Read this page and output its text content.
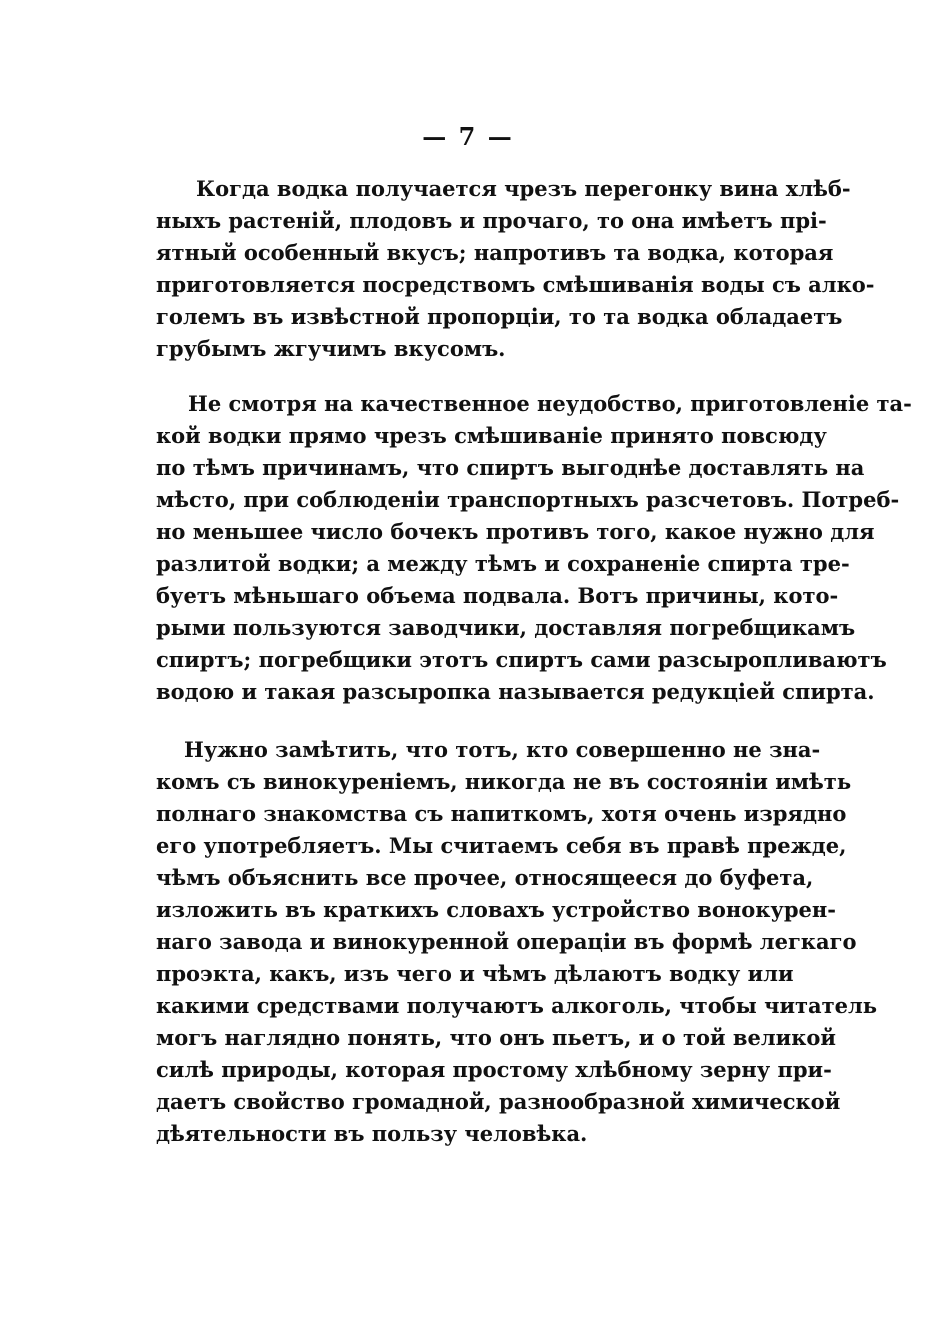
— 7 —
Когда водка получается чрезъ перегонку вина хлѣб-
ныхъ растеній, плодовъ и прочаго, то она имѣетъ прі-
ятный особенный вкусъ; напротивъ та водка, которая
приготовляется посредствомъ смѣшиванія воды съ алко-
големъ въ извѣстной пропорціи, то та водка обладаетъ
грубымъ жгучимъ вкусомъ.
Не смотря на качественное неудобство, приготовленіе та-
кой водки прямо чрезъ смѣшиваніе принято повсюду
по тѣмъ причинамъ, что спиртъ выгоднѣе доставлять на
мѣсто, при соблюденіи транспортныхъ разсчетовъ. Потреб-
но меньшее число бочекъ противъ того, какое нужно для
разлитой водки; а между тѣмъ и сохраненіе спирта тре-
буетъ мѣньшаго объема подвала. Вотъ причины, кото-
рыми пользуются заводчики, доставляя погребщикамъ
спиртъ; погребщики этотъ спиртъ сами разсыропливаютъ
водою и такая разсыропка называется редукціей спирта.
Нужно замѣтить, что тотъ, кто совершенно не зна-
комъ съ винокуреніемъ, никогда не въ состояніи имѣть
полнаго знакомства съ напиткомъ, хотя очень изрядно
его употребляетъ. Мы считаемъ себя въ правѣ прежде,
чѣмъ объяснить все прочее, относящееся до буфета,
изложить въ краткихъ словахъ устройство вонокурен-
наго завода и винокуренной операціи въ формѣ легкаго
проэкта, какъ, изъ чего и чѣмъ дѣлаютъ водку или
какими средствами получаютъ алкоголь, чтобы читатель
могъ наглядно понять, что онъ пьетъ, и о той великой
силѣ природы, которая простому хлѣбному зерну при-
даетъ свойство громадной, разнообразной химической
дѣятельности въ пользу человѣка.
